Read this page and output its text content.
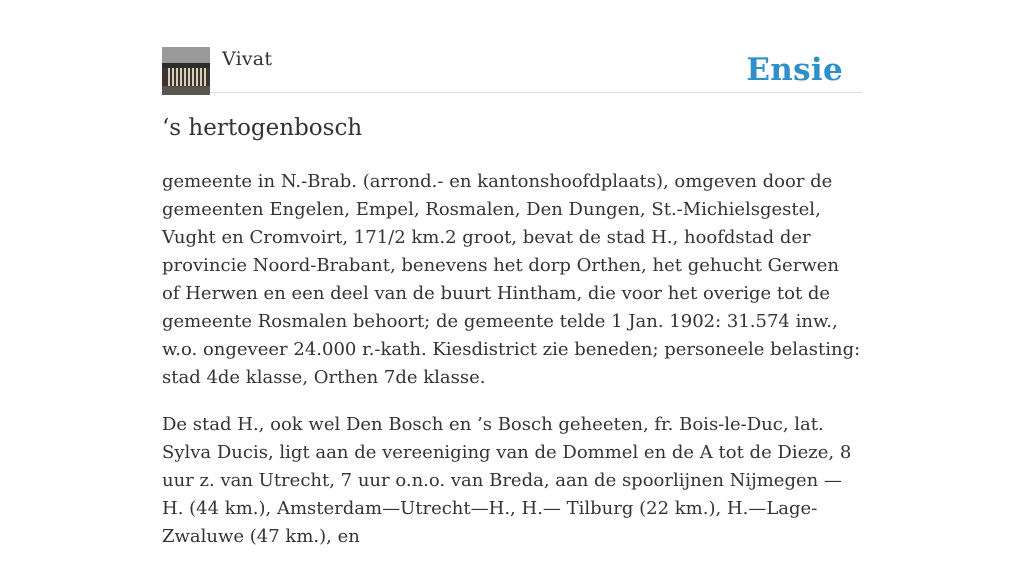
Vivat	Ensie
‘s hertogenbosch

gemeente in N.-Brab. (arrond.- en kantonshoofdplaats), omgeven door de gemeenten Engelen, Empel, Rosmalen, Den Dungen, St.-Michielsgestel, Vught en Cromvoirt, 171/2 km.2 groot, bevat de stad H., hoofdstad der provincie Noord-Brabant, benevens het dorp Orthen, het gehucht Gerwen of Herwen en een deel van de buurt Hintham, die voor het overige tot de gemeente Rosmalen behoort; de gemeente telde 1 Jan. 1902: 31.574 inw., w.o. ongeveer 24.000 r.-kath. Kiesdistrict zie beneden; personeele belasting: stad 4de klasse, Orthen 7de klasse.

De stad H., ook wel Den Bosch en ’s Bosch geheeten, fr. Bois-le-Duc, lat. Sylva Ducis, ligt aan de vereeniging van de Dommel en de A tot de Dieze, 8 uur z. van Utrecht, 7 uur o.n.o. van Breda, aan de spoorlijnen Nijmegen —H. (44 km.), Amsterdam—Utrecht—H., H.— Tilburg (22 km.), H.—Lage-Zwaluwe (47 km.), en
